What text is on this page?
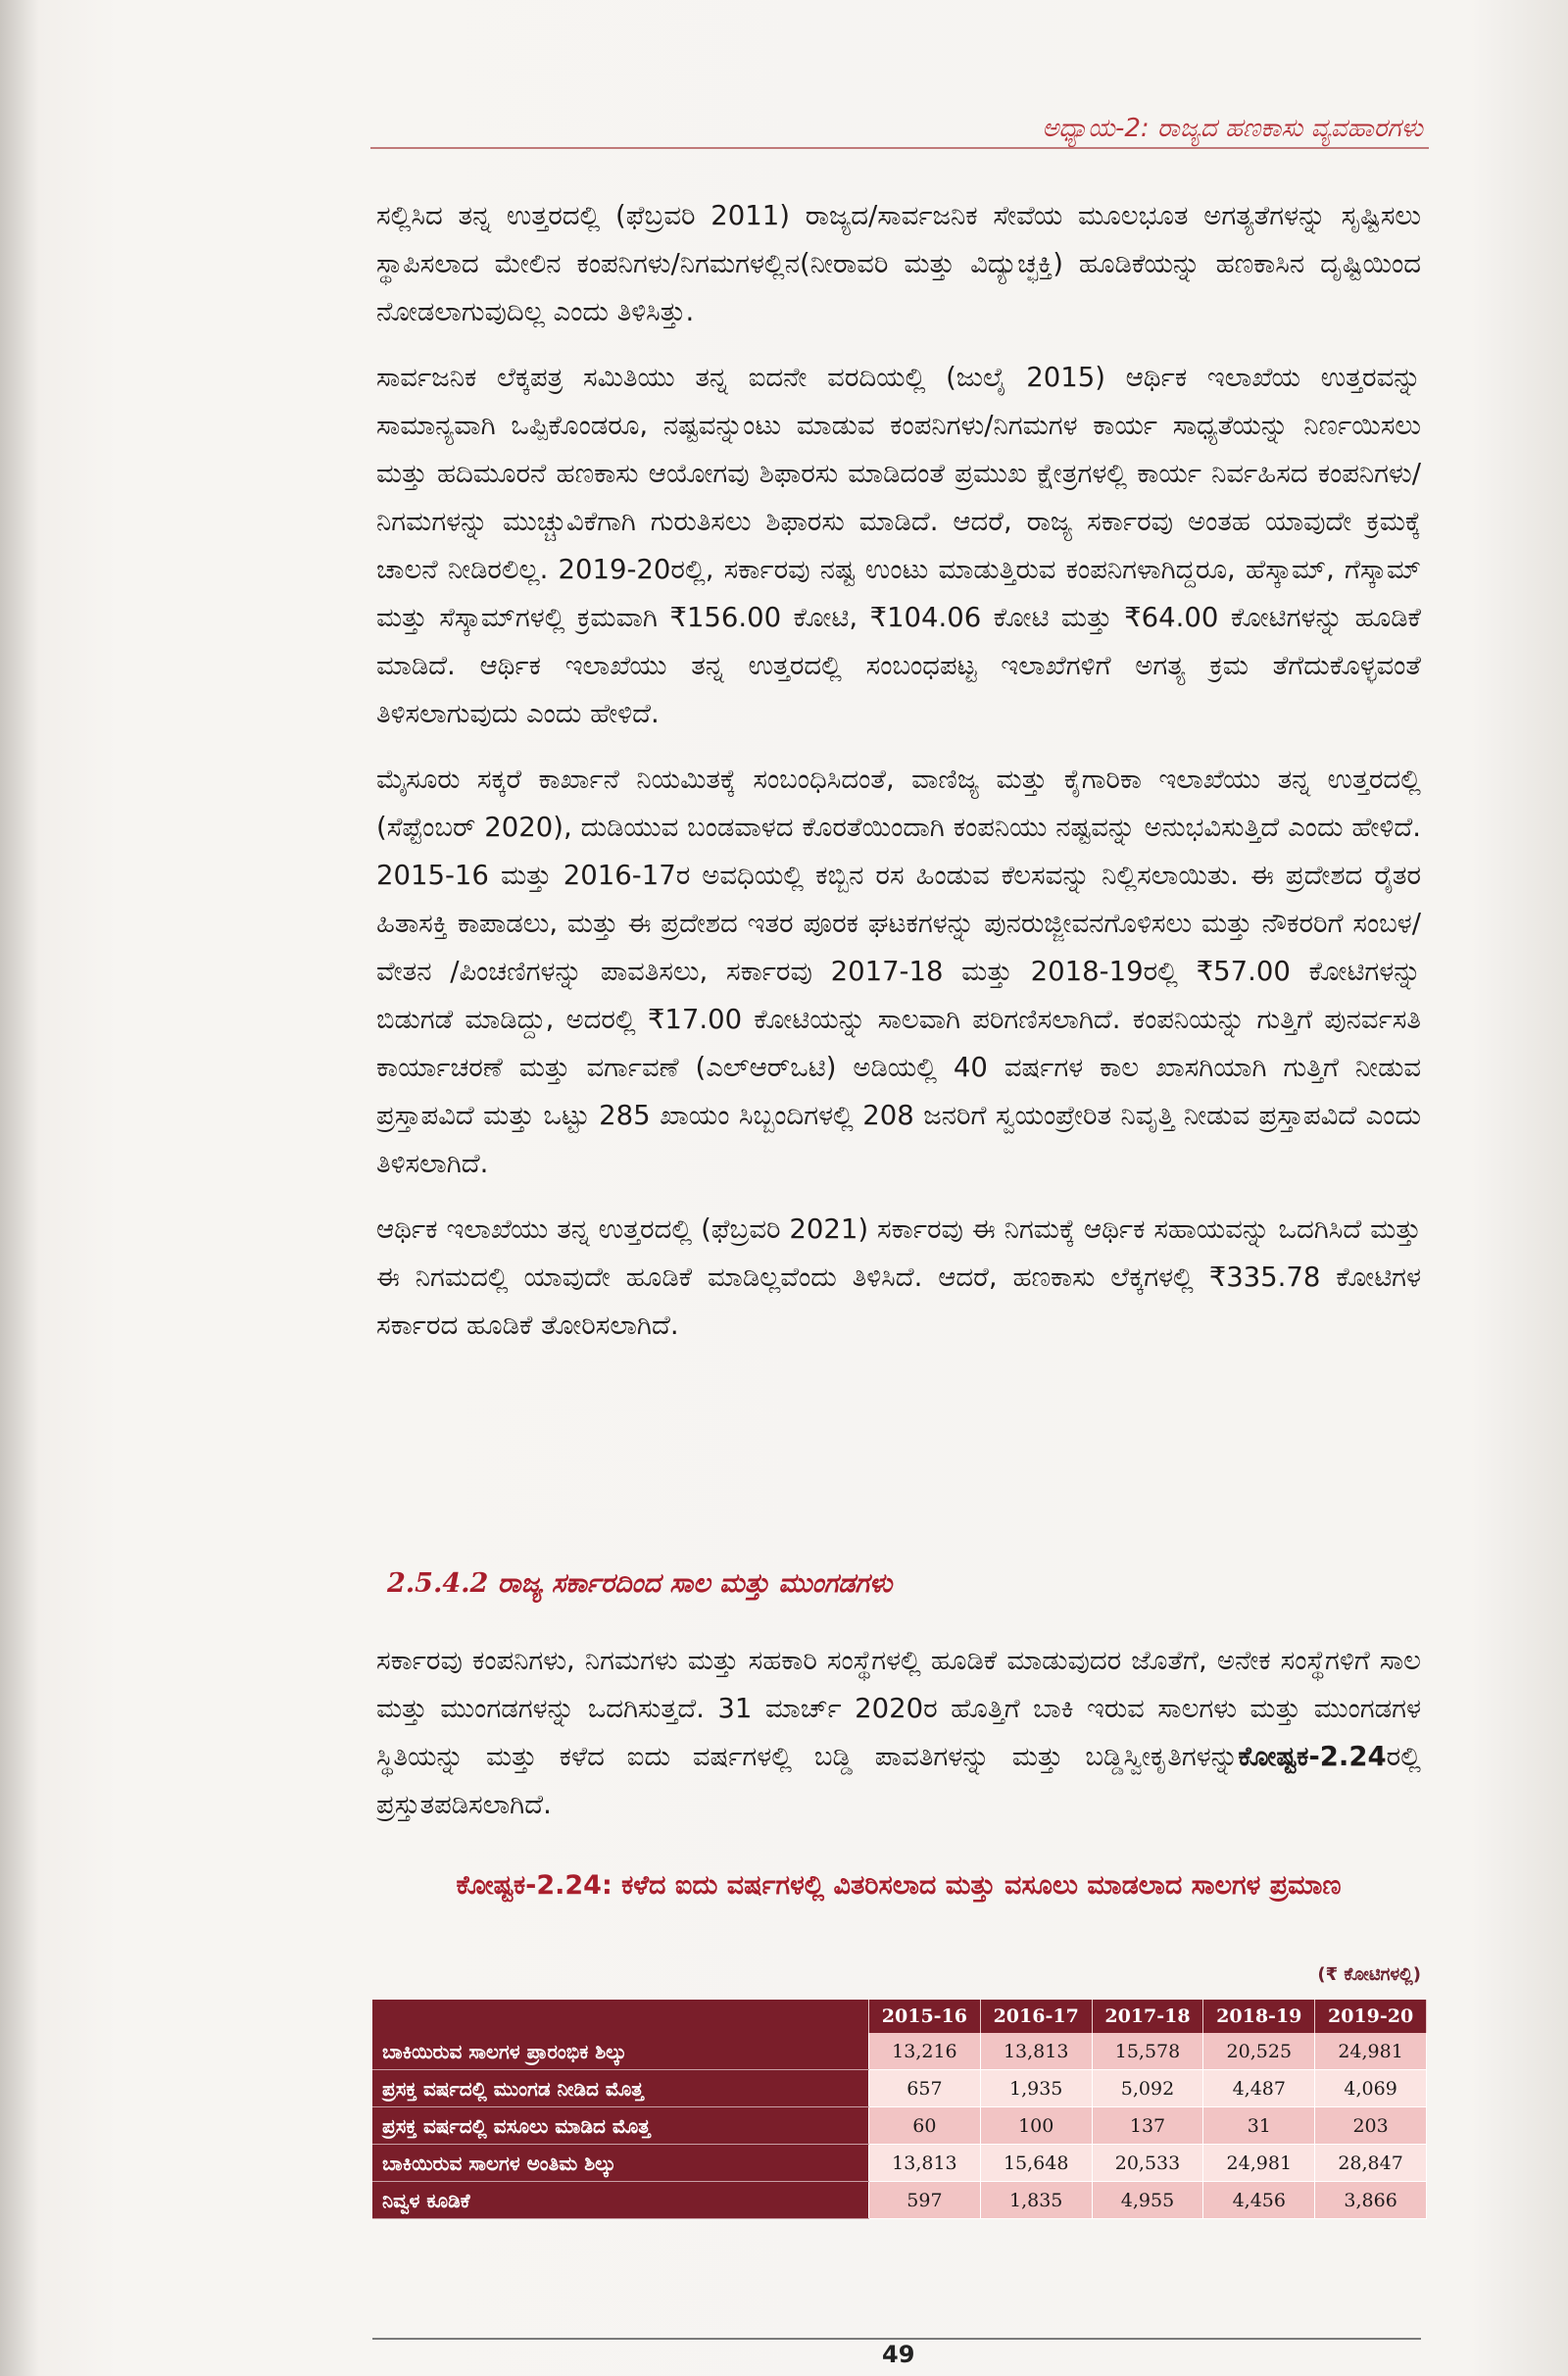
ಅಧ್ಯಾಯ-2: ರಾಜ್ಯದ ಹಣಕಾಸು ವ್ಯವಹಾರಗಳು

ಸಲ್ಲಿಸಿದ ತನ್ನ ಉತ್ತರದಲ್ಲಿ (ಫೆಬ್ರವರಿ 2011) ರಾಜ್ಯದ/ಸಾರ್ವಜನಿಕ ಸೇವೆಯ ಮೂಲಭೂತ ಅಗತ್ಯತೆಗಳನ್ನು ಸೃಷ್ಟಿಸಲು ಸ್ಥಾಪಿಸಲಾದ ಮೇಲಿನ ಕಂಪನಿಗಳು/ನಿಗಮಗಳಲ್ಲಿನ(ನೀರಾವರಿ ಮತ್ತು ವಿದ್ಯುಚ್ಛಕ್ತಿ) ಹೂಡಿಕೆಯನ್ನು ಹಣಕಾಸಿನ ದೃಷ್ಟಿಯಿಂದ ನೋಡಲಾಗುವುದಿಲ್ಲ ಎಂದು ತಿಳಿಸಿತ್ತು.

ಸಾರ್ವಜನಿಕ ಲೆಕ್ಕಪತ್ರ ಸಮಿತಿಯು ತನ್ನ ಐದನೇ ವರದಿಯಲ್ಲಿ (ಜುಲೈ 2015) ಆರ್ಥಿಕ ಇಲಾಖೆಯ ಉತ್ತರವನ್ನು ಸಾಮಾನ್ಯವಾಗಿ ಒಪ್ಪಿಕೊಂಡರೂ, ನಷ್ಟವನ್ನುಂಟು ಮಾಡುವ ಕಂಪನಿಗಳು/ನಿಗಮಗಳ ಕಾರ್ಯ ಸಾಧ್ಯತೆಯನ್ನು ನಿರ್ಣಯಿಸಲು ಮತ್ತು ಹದಿಮೂರನೆ ಹಣಕಾಸು ಆಯೋಗವು ಶಿಫಾರಸು ಮಾಡಿದಂತೆ ಪ್ರಮುಖ ಕ್ಷೇತ್ರಗಳಲ್ಲಿ ಕಾರ್ಯ ನಿರ್ವಹಿಸದ ಕಂಪನಿಗಳು/ನಿಗಮಗಳನ್ನು ಮುಚ್ಚುವಿಕೆಗಾಗಿ ಗುರುತಿಸಲು ಶಿಫಾರಸು ಮಾಡಿದೆ. ಆದರೆ, ರಾಜ್ಯ ಸರ್ಕಾರವು ಅಂತಹ ಯಾವುದೇ ಕ್ರಮಕ್ಕೆ ಚಾಲನೆ ನೀಡಿರಲಿಲ್ಲ. 2019-20ರಲ್ಲಿ, ಸರ್ಕಾರವು ನಷ್ಟ ಉಂಟು ಮಾಡುತ್ತಿರುವ ಕಂಪನಿಗಳಾಗಿದ್ದರೂ, ಹೆಸ್ಕಾಮ್, ಗೆಸ್ಕಾಮ್ ಮತ್ತು ಸೆಸ್ಕಾಮ್‌ಗಳಲ್ಲಿ ಕ್ರಮವಾಗಿ ₹156.00 ಕೋಟಿ, ₹104.06 ಕೋಟಿ ಮತ್ತು ₹64.00 ಕೋಟಿಗಳನ್ನು ಹೂಡಿಕೆ ಮಾಡಿದೆ. ಆರ್ಥಿಕ ಇಲಾಖೆಯು ತನ್ನ ಉತ್ತರದಲ್ಲಿ ಸಂಬಂಧಪಟ್ಟ ಇಲಾಖೆಗಳಿಗೆ ಅಗತ್ಯ ಕ್ರಮ ತೆಗೆದುಕೊಳ್ಳವಂತೆ ತಿಳಿಸಲಾಗುವುದು ಎಂದು ಹೇಳಿದೆ.

ಮೈಸೂರು ಸಕ್ಕರೆ ಕಾರ್ಖಾನೆ ನಿಯಮಿತಕ್ಕೆ ಸಂಬಂಧಿಸಿದಂತೆ, ವಾಣಿಜ್ಯ ಮತ್ತು ಕೈಗಾರಿಕಾ ಇಲಾಖೆಯು ತನ್ನ ಉತ್ತರದಲ್ಲಿ (ಸೆಪ್ಟೆಂಬರ್ 2020), ದುಡಿಯುವ ಬಂಡವಾಳದ ಕೊರತೆಯಿಂದಾಗಿ ಕಂಪನಿಯು ನಷ್ಟವನ್ನು ಅನುಭವಿಸುತ್ತಿದೆ ಎಂದು ಹೇಳಿದೆ. 2015-16 ಮತ್ತು 2016-17ರ ಅವಧಿಯಲ್ಲಿ ಕಬ್ಬಿನ ರಸ ಹಿಂಡುವ ಕೆಲಸವನ್ನು ನಿಲ್ಲಿಸಲಾಯಿತು. ಈ ಪ್ರದೇಶದ ರೈತರ ಹಿತಾಸಕ್ತಿ ಕಾಪಾಡಲು, ಮತ್ತು ಈ ಪ್ರದೇಶದ ಇತರ ಪೂರಕ ಘಟಕಗಳನ್ನು ಪುನರುಜ್ಜೀವನಗೊಳಿಸಲು ಮತ್ತು ನೌಕರರಿಗೆ ಸಂಬಳ/ವೇತನ /ಪಿಂಚಣಿಗಳನ್ನು ಪಾವತಿಸಲು, ಸರ್ಕಾರವು 2017-18 ಮತ್ತು 2018-19ರಲ್ಲಿ ₹57.00 ಕೋಟಿಗಳನ್ನು ಬಿಡುಗಡೆ ಮಾಡಿದ್ದು, ಅದರಲ್ಲಿ ₹17.00 ಕೋಟಿಯನ್ನು ಸಾಲವಾಗಿ ಪರಿಗಣಿಸಲಾಗಿದೆ. ಕಂಪನಿಯನ್ನು ಗುತ್ತಿಗೆ ಪುನರ್ವಸತಿ ಕಾರ್ಯಾಚರಣೆ ಮತ್ತು ವರ್ಗಾವಣೆ (ಎಲ್‌ಆರ್‌ಒಟಿ) ಅಡಿಯಲ್ಲಿ 40 ವರ್ಷಗಳ ಕಾಲ ಖಾಸಗಿಯಾಗಿ ಗುತ್ತಿಗೆ ನೀಡುವ ಪ್ರಸ್ತಾಪವಿದೆ ಮತ್ತು ಒಟ್ಟು 285 ಖಾಯಂ ಸಿಬ್ಬಂದಿಗಳಲ್ಲಿ 208 ಜನರಿಗೆ ಸ್ವಯಂಪ್ರೇರಿತ ನಿವೃತ್ತಿ ನೀಡುವ ಪ್ರಸ್ತಾಪವಿದೆ ಎಂದು ತಿಳಿಸಲಾಗಿದೆ.

ಆರ್ಥಿಕ ಇಲಾಖೆಯು ತನ್ನ ಉತ್ತರದಲ್ಲಿ (ಫೆಬ್ರವರಿ 2021) ಸರ್ಕಾರವು ಈ ನಿಗಮಕ್ಕೆ ಆರ್ಥಿಕ ಸಹಾಯವನ್ನು ಒದಗಿಸಿದೆ ಮತ್ತು ಈ ನಿಗಮದಲ್ಲಿ ಯಾವುದೇ ಹೂಡಿಕೆ ಮಾಡಿಲ್ಲವೆಂದು ತಿಳಿಸಿದೆ. ಆದರೆ, ಹಣಕಾಸು ಲೆಕ್ಕಗಳಲ್ಲಿ ₹335.78 ಕೋಟಿಗಳ ಸರ್ಕಾರದ ಹೂಡಿಕೆ ತೋರಿಸಲಾಗಿದೆ.

2.5.4.2 ರಾಜ್ಯ ಸರ್ಕಾರದಿಂದ ಸಾಲ ಮತ್ತು ಮುಂಗಡಗಳು

ಸರ್ಕಾರವು ಕಂಪನಿಗಳು, ನಿಗಮಗಳು ಮತ್ತು ಸಹಕಾರಿ ಸಂಸ್ಥೆಗಳಲ್ಲಿ ಹೂಡಿಕೆ ಮಾಡುವುದರ ಜೊತೆಗೆ, ಅನೇಕ ಸಂಸ್ಥೆಗಳಿಗೆ ಸಾಲ ಮತ್ತು ಮುಂಗಡಗಳನ್ನು ಒದಗಿಸುತ್ತದೆ. 31 ಮಾರ್ಚ್ 2020ರ ಹೊತ್ತಿಗೆ ಬಾಕಿ ಇರುವ ಸಾಲಗಳು ಮತ್ತು ಮುಂಗಡಗಳ ಸ್ಥಿತಿಯನ್ನು ಮತ್ತು ಕಳೆದ ಐದು ವರ್ಷಗಳಲ್ಲಿ ಬಡ್ಡಿ ಪಾವತಿಗಳನ್ನು ಮತ್ತು ಬಡ್ಡಿಸ್ವೀಕೃತಿಗಳನ್ನುಕೋಷ್ಟಕ-2.24ರಲ್ಲಿ ಪ್ರಸ್ತುತಪಡಿಸಲಾಗಿದೆ.

ಕೋಷ್ಟಕ-2.24: ಕಳೆದ ಐದು ವರ್ಷಗಳಲ್ಲಿ ವಿತರಿಸಲಾದ ಮತ್ತು ವಸೂಲು ಮಾಡಲಾದ ಸಾಲಗಳ ಪ್ರಮಾಣ
(₹ ಕೋಟಿಗಳಲ್ಲಿ)
	2015-16	2016-17	2017-18	2018-19	2019-20
ಬಾಕಿಯಿರುವ ಸಾಲಗಳ ಪ್ರಾರಂಭಿಕ ಶಿಲ್ಕು	13,216	13,813	15,578	20,525	24,981
ಪ್ರಸಕ್ತ ವರ್ಷದಲ್ಲಿ ಮುಂಗಡ ನೀಡಿದ ಮೊತ್ತ	657	1,935	5,092	4,487	4,069
ಪ್ರಸಕ್ತ ವರ್ಷದಲ್ಲಿ ವಸೂಲು ಮಾಡಿದ ಮೊತ್ತ	60	100	137	31	203
ಬಾಕಿಯಿರುವ ಸಾಲಗಳ ಅಂತಿಮ ಶಿಲ್ಕು	13,813	15,648	20,533	24,981	28,847
ನಿವ್ವಳ ಕೂಡಿಕೆ	597	1,835	4,955	4,456	3,866
49
